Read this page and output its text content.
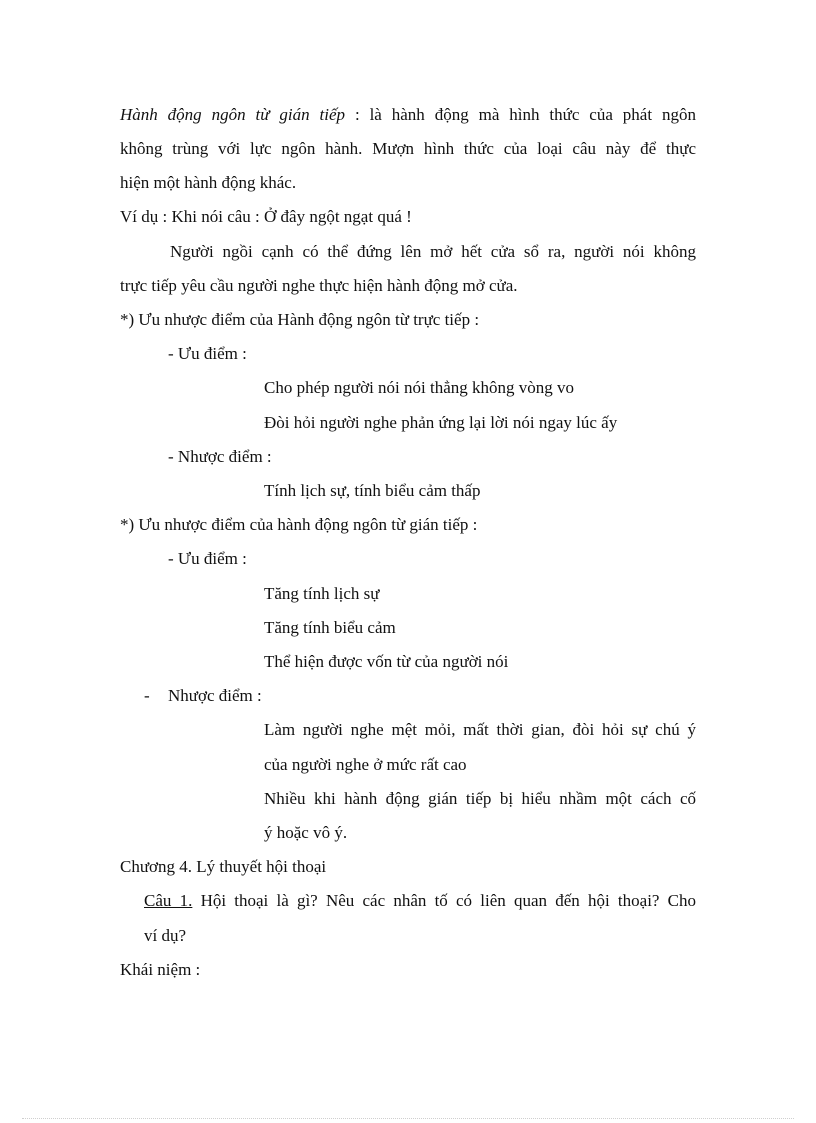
Hành động ngôn từ gián tiếp : là hành động mà hình thức của phát ngôn
không trùng với lực ngôn hành. Mượn hình thức của loại câu này để thực
hiện một hành động khác.
Ví dụ : Khi nói câu : Ở đây ngột ngạt quá !
Người ngồi cạnh có thể đứng lên mở hết cửa sổ ra, người nói không
trực tiếp yêu cầu người nghe thực hiện hành động mở cửa.
*) Ưu nhược điểm của Hành động ngôn từ trực tiếp :
- Ưu điểm :
Cho phép người nói nói thẳng không vòng vo
Đòi hỏi người nghe phản ứng lại lời nói ngay lúc ấy
- Nhược điểm :
Tính lịch sự, tính biểu cảm thấp
*) Ưu nhược điểm của hành động ngôn từ gián tiếp :
- Ưu điểm :
Tăng tính lịch sự
Tăng tính biểu cảm
Thể hiện được vốn từ của người nói
- Nhược điểm :
Làm người nghe mệt mỏi, mất thời gian, đòi hỏi sự chú ý
của người nghe ở mức rất cao
Nhiều khi hành động gián tiếp bị hiểu nhầm một cách cố
ý hoặc vô ý.
Chương 4. Lý thuyết hội thoại
Câu 1. Hội thoại là gì? Nêu các nhân tố có liên quan đến hội thoại? Cho
ví dụ?
Khái niệm :
